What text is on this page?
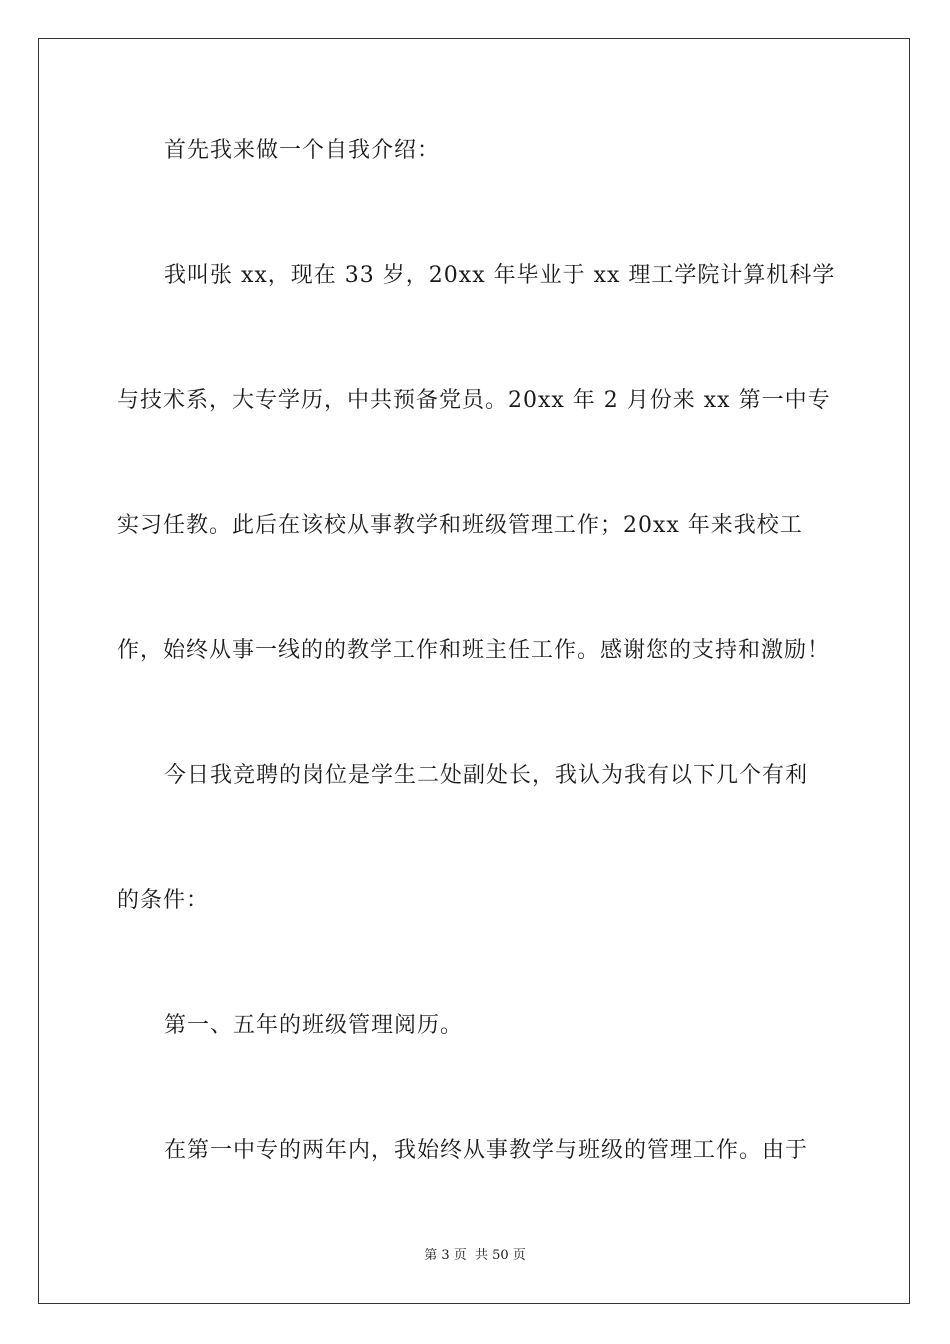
首先我来做一个自我介绍：
我叫张 xx，现在 33 岁，20xx 年毕业于 xx 理工学院计算机科学
与技术系，大专学历，中共预备党员。20xx 年 2 月份来 xx 第一中专
实习任教。此后在该校从事教学和班级管理工作；20xx 年来我校工
作，始终从事一线的的教学工作和班主任工作。感谢您的支持和激励！
今日我竞聘的岗位是学生二处副处长，我认为我有以下几个有利
的条件：
第一、五年的班级管理阅历。
在第一中专的两年内，我始终从事教学与班级的管理工作。由于
第 3 页 共 50 页
